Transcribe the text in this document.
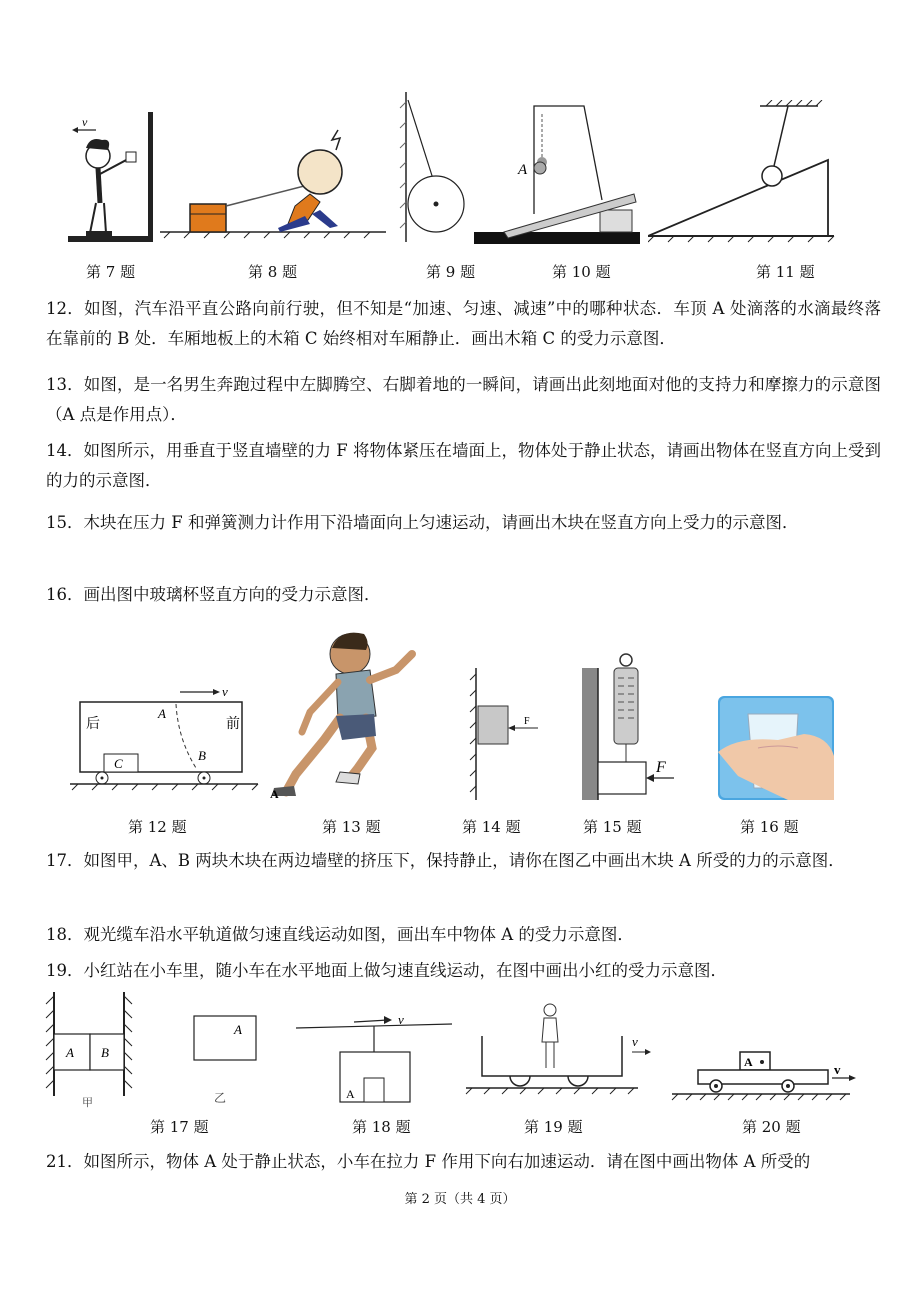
v
A
第 7 题	第 8 题	第 9 题	第 10 题	第 11 题
12．如图，汽车沿平直公路向前行驶，但不知是“加速、匀速、减速”中的哪种状态．车顶 A 处滴落的水滴最终落在靠前的 B 处．车厢地板上的木箱 C 始终相对车厢静止．画出木箱 C 的受力示意图．
13．如图，是一名男生奔跑过程中左脚腾空、右脚着地的一瞬间，请画出此刻地面对他的支持力和摩擦力的示意图（A 点是作用点）．
14．如图所示，用垂直于竖直墙壁的力 F 将物体紧压在墙面上，物体处于静止状态，请画出物体在竖直方向上受到的力的示意图．
15．木块在压力 F 和弹簧测力计作用下沿墙面向上匀速运动，请画出木块在竖直方向上受力的示意图．
16．画出图中玻璃杯竖直方向的受力示意图．
v
后	前
A
B
C
A
F
F
第 12 题	第 13 题	第 14 题	第 15 题	第 16 题
17．如图甲，A、B 两块木块在两边墙壁的挤压下，保持静止，请你在图乙中画出木块 A 所受的力的示意图．
18．观光缆车沿水平轨道做匀速直线运动如图，画出车中物体 A 的受力示意图．
19．小红站在小车里，随小车在水平地面上做匀速直线运动，在图中画出小红的受力示意图．
A B
甲
A
乙
v
A
v
A	v
第 17 题	第 18 题	第 19 题	第 20 题
21．如图所示，物体 A 处于静止状态，小车在拉力 F 作用下向右加速运动．请在图中画出物体 A 所受的
第 2 页（共 4 页）
